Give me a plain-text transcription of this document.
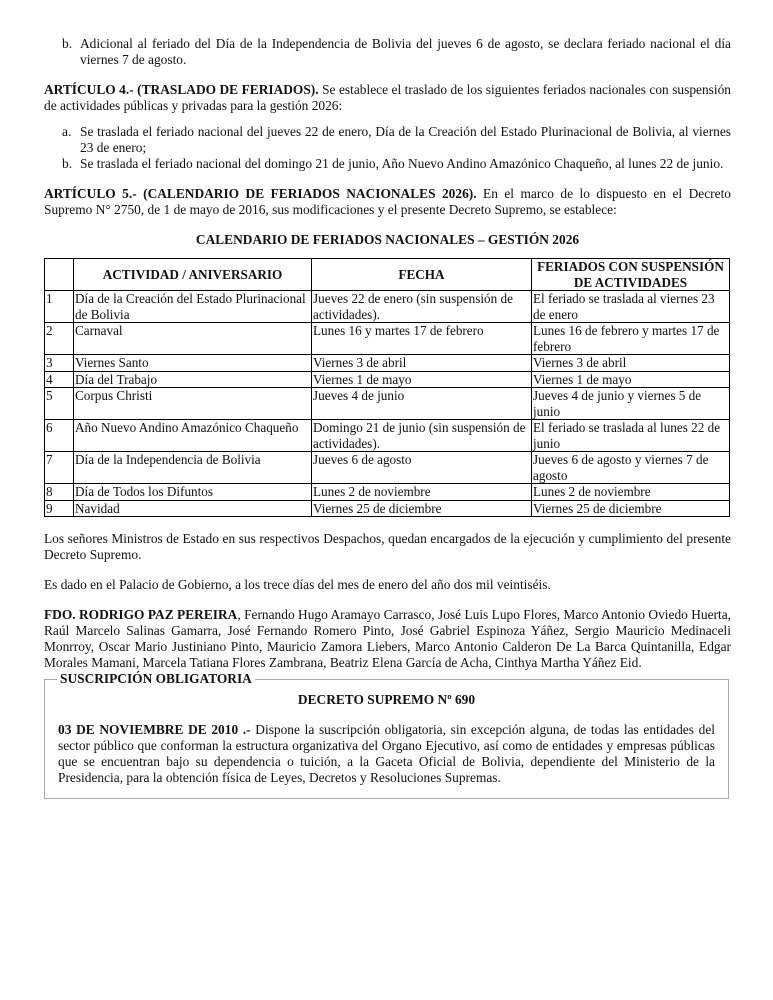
b. Adicional al feriado del Día de la Independencia de Bolivia del jueves 6 de agosto, se declara feriado nacional el día viernes 7 de agosto.

ARTÍCULO 4.- (TRASLADO DE FERIADOS). Se establece el traslado de los siguientes feriados nacionales con suspensión de actividades públicas y privadas para la gestión 2026:

a. Se traslada el feriado nacional del jueves 22 de enero, Día de la Creación del Estado Plurinacional de Bolivia, al viernes 23 de enero;
b. Se traslada el feriado nacional del domingo 21 de junio, Año Nuevo Andino Amazónico Chaqueño, al lunes 22 de junio.

ARTÍCULO 5.- (CALENDARIO DE FERIADOS NACIONALES 2026). En el marco de lo dispuesto en el Decreto Supremo N° 2750, de 1 de mayo de 2016, sus modificaciones y el presente Decreto Supremo, se establece:

CALENDARIO DE FERIADOS NACIONALES – GESTIÓN 2026

	ACTIVIDAD / ANIVERSARIO	FECHA	FERIADOS CON SUSPENSIÓN DE ACTIVIDADES
1	Día de la Creación del Estado Plurinacional de Bolivia	Jueves 22 de enero (sin suspensión de actividades).	El feriado se traslada al viernes 23 de enero
2	Carnaval	Lunes 16 y martes 17 de febrero	Lunes 16 de febrero y martes 17 de febrero
3	Viernes Santo	Viernes 3 de abril	Viernes 3 de abril
4	Día del Trabajo	Viernes 1 de mayo	Viernes 1 de mayo
5	Corpus Christi	Jueves 4 de junio	Jueves 4 de junio y viernes 5 de junio
6	Año Nuevo Andino Amazónico Chaqueño	Domingo 21 de junio (sin suspensión de actividades).	El feriado se traslada al lunes 22 de junio
7	Día de la Independencia de Bolivia	Jueves 6 de agosto	Jueves 6 de agosto y viernes 7 de agosto
8	Día de Todos los Difuntos	Lunes 2 de noviembre	Lunes 2 de noviembre
9	Navidad	Viernes 25 de diciembre	Viernes 25 de diciembre

Los señores Ministros de Estado en sus respectivos Despachos, quedan encargados de la ejecución y cumplimiento del presente Decreto Supremo.

Es dado en el Palacio de Gobierno, a los trece días del mes de enero del año dos mil veintiséis.

FDO. RODRIGO PAZ PEREIRA, Fernando Hugo Aramayo Carrasco, José Luis Lupo Flores, Marco Antonio Oviedo Huerta, Raúl Marcelo Salinas Gamarra, José Fernando Romero Pinto, José Gabriel Espinoza Yáñez, Sergio Mauricio Medinaceli Monrroy, Oscar Mario Justiniano Pinto, Mauricio Zamora Liebers, Marco Antonio Calderon De La Barca Quintanilla, Edgar Morales Mamani, Marcela Tatiana Flores Zambrana, Beatriz Elena García de Acha, Cinthya Martha Yáñez Eid.

SUSCRIPCIÓN OBLIGATORIA

DECRETO SUPREMO Nº 690

03 DE NOVIEMBRE DE 2010 .- Dispone la suscripción obligatoria, sin excepción alguna, de todas las entidades del sector público que conforman la estructura organizativa del Organo Ejecutivo, así como de entidades y empresas públicas que se encuentran bajo su dependencia o tuición, a la Gaceta Oficial de Bolivia, dependiente del Ministerio de la Presidencia, para la obtención física de Leyes, Decretos y Resoluciones Supremas.
